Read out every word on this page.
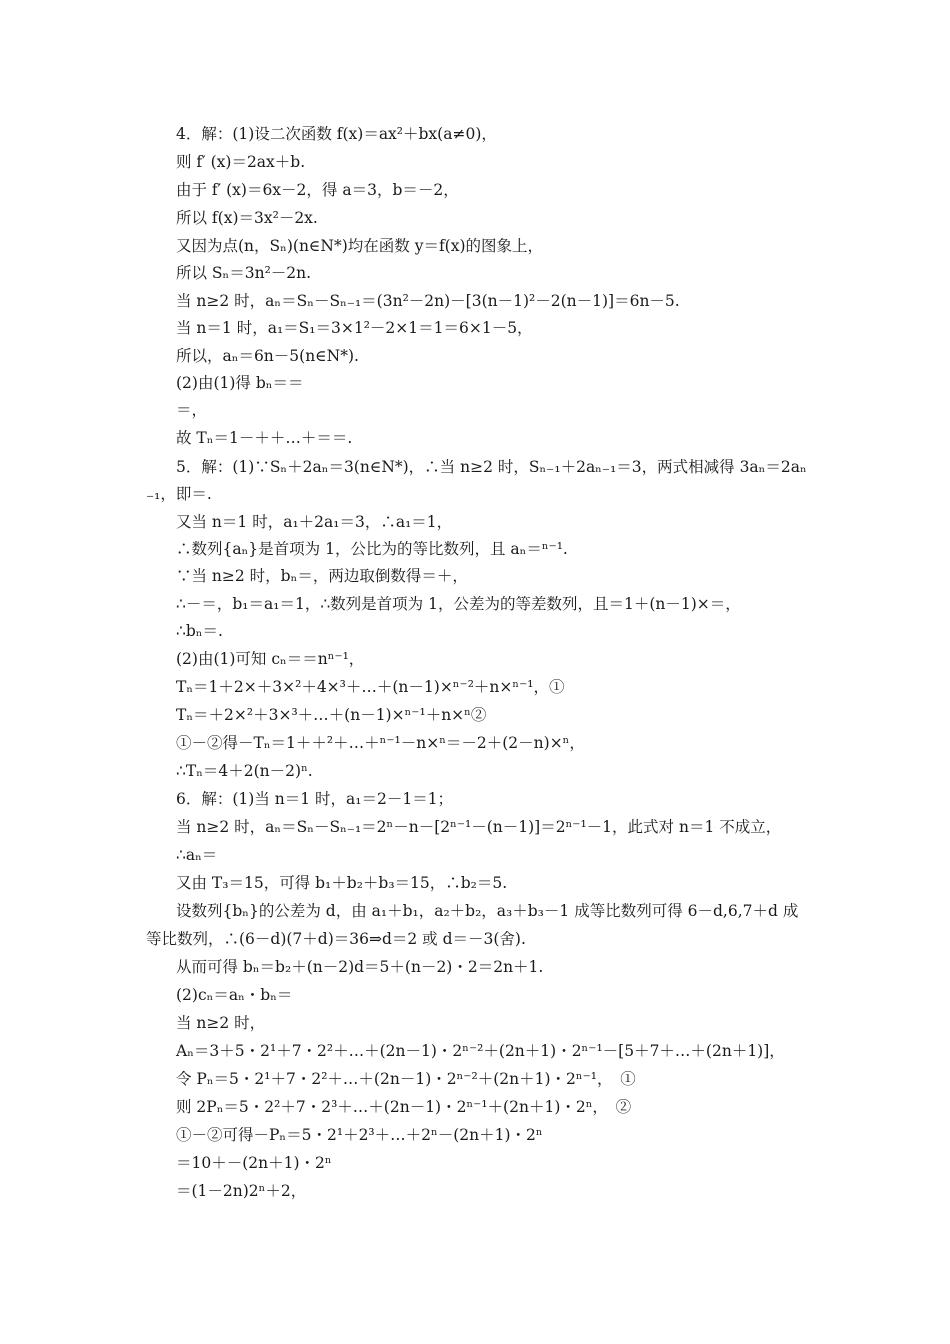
4．解：(1)设二次函数 f(x)＝ax²＋bx(a≠0)，
则 f′ (x)＝2ax＋b.
由于 f′ (x)＝6x－2，得 a＝3，b＝－2，
所以 f(x)＝3x²－2x.
又因为点(n，Sₙ)(n∈N*)均在函数 y＝f(x)的图象上，
所以 Sₙ＝3n²－2n.
当 n≥2 时，aₙ＝Sₙ－Sₙ₋₁＝(3n²－2n)－[3(n－1)²－2(n－1)]＝6n－5.
当 n＝1 时，a₁＝S₁＝3×1²－2×1＝1＝6×1－5，
所以，aₙ＝6n－5(n∈N*).
(2)由(1)得 bₙ＝＝
＝，
故 Tₙ＝1－＋＋…＋＝＝.
5．解：(1)∵Sₙ＋2aₙ＝3(n∈N*)，∴当 n≥2 时，Sₙ₋₁＋2aₙ₋₁＝3，两式相减得 3aₙ＝2aₙ
₋₁，即＝.
又当 n＝1 时，a₁＋2a₁＝3，∴a₁＝1，
∴数列{aₙ}是首项为 1，公比为的等比数列，且 aₙ＝ⁿ⁻¹.
∵当 n≥2 时，bₙ＝，两边取倒数得＝＋，
∴－＝，b₁＝a₁＝1，∴数列是首项为 1，公差为的等差数列，且＝1＋(n－1)×＝，
∴bₙ＝.
(2)由(1)可知 cₙ＝＝nⁿ⁻¹，
Tₙ＝1＋2×＋3×²＋4×³＋…＋(n－1)×ⁿ⁻²＋n×ⁿ⁻¹，①
Tₙ＝＋2×²＋3×³＋…＋(n－1)×ⁿ⁻¹＋n×ⁿ②
①－②得－Tₙ＝1＋＋²＋…＋ⁿ⁻¹－n×ⁿ＝－2＋(2－n)×ⁿ，
∴Tₙ＝4＋2(n－2)ⁿ.
6．解：(1)当 n＝1 时，a₁＝2－1＝1；
当 n≥2 时，aₙ＝Sₙ－Sₙ₋₁＝2ⁿ－n－[2ⁿ⁻¹－(n－1)]＝2ⁿ⁻¹－1，此式对 n＝1 不成立，
∴aₙ＝
又由 T₃＝15，可得 b₁＋b₂＋b₃＝15，∴b₂＝5.
设数列{bₙ}的公差为 d，由 a₁＋b₁，a₂＋b₂，a₃＋b₃－1 成等比数列可得 6－d,6,7＋d 成
等比数列，∴(6－d)(7＋d)＝36⇒d＝2 或 d＝－3(舍).
从而可得 bₙ＝b₂＋(n－2)d＝5＋(n－2)・2＝2n＋1.
(2)cₙ＝aₙ・bₙ＝
当 n≥2 时，
Aₙ＝3＋5・2¹＋7・2²＋…＋(2n－1)・2ⁿ⁻²＋(2n＋1)・2ⁿ⁻¹－[5＋7＋…＋(2n＋1)]，
令 Pₙ＝5・2¹＋7・2²＋…＋(2n－1)・2ⁿ⁻²＋(2n＋1)・2ⁿ⁻¹，　①
则 2Pₙ＝5・2²＋7・2³＋…＋(2n－1)・2ⁿ⁻¹＋(2n＋1)・2ⁿ，　②
①－②可得－Pₙ＝5・2¹＋2³＋…＋2ⁿ－(2n＋1)・2ⁿ
＝10＋－(2n＋1)・2ⁿ
＝(1－2n)2ⁿ＋2，
